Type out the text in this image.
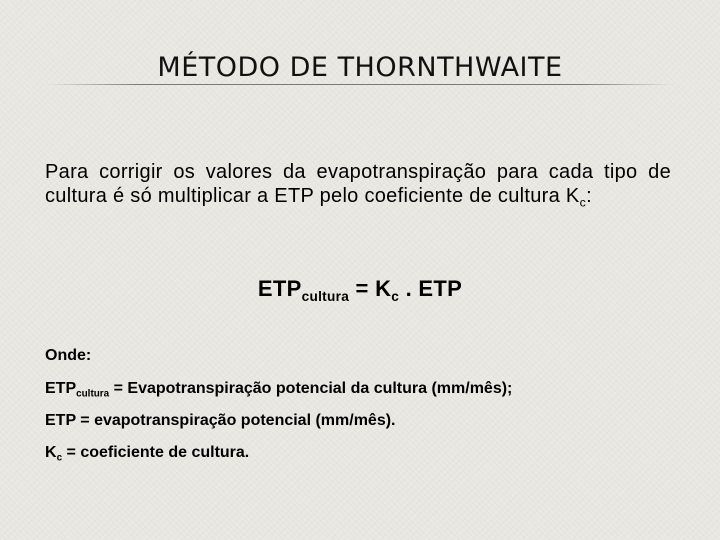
MÉTODO DE THORNTHWAITE

Para corrigir os valores da evapotranspiração para cada tipo de cultura é só multiplicar a ETP pelo coeficiente de cultura $K_c$:

$ETP_{cultura} = K_c$ . ETP

Onde:

$ETP_{cultura}$ = Evapotranspiração potencial da cultura (mm/mês);

ETP = evapotranspiração potencial (mm/mês).

$K_c$ = coeficiente de cultura.
